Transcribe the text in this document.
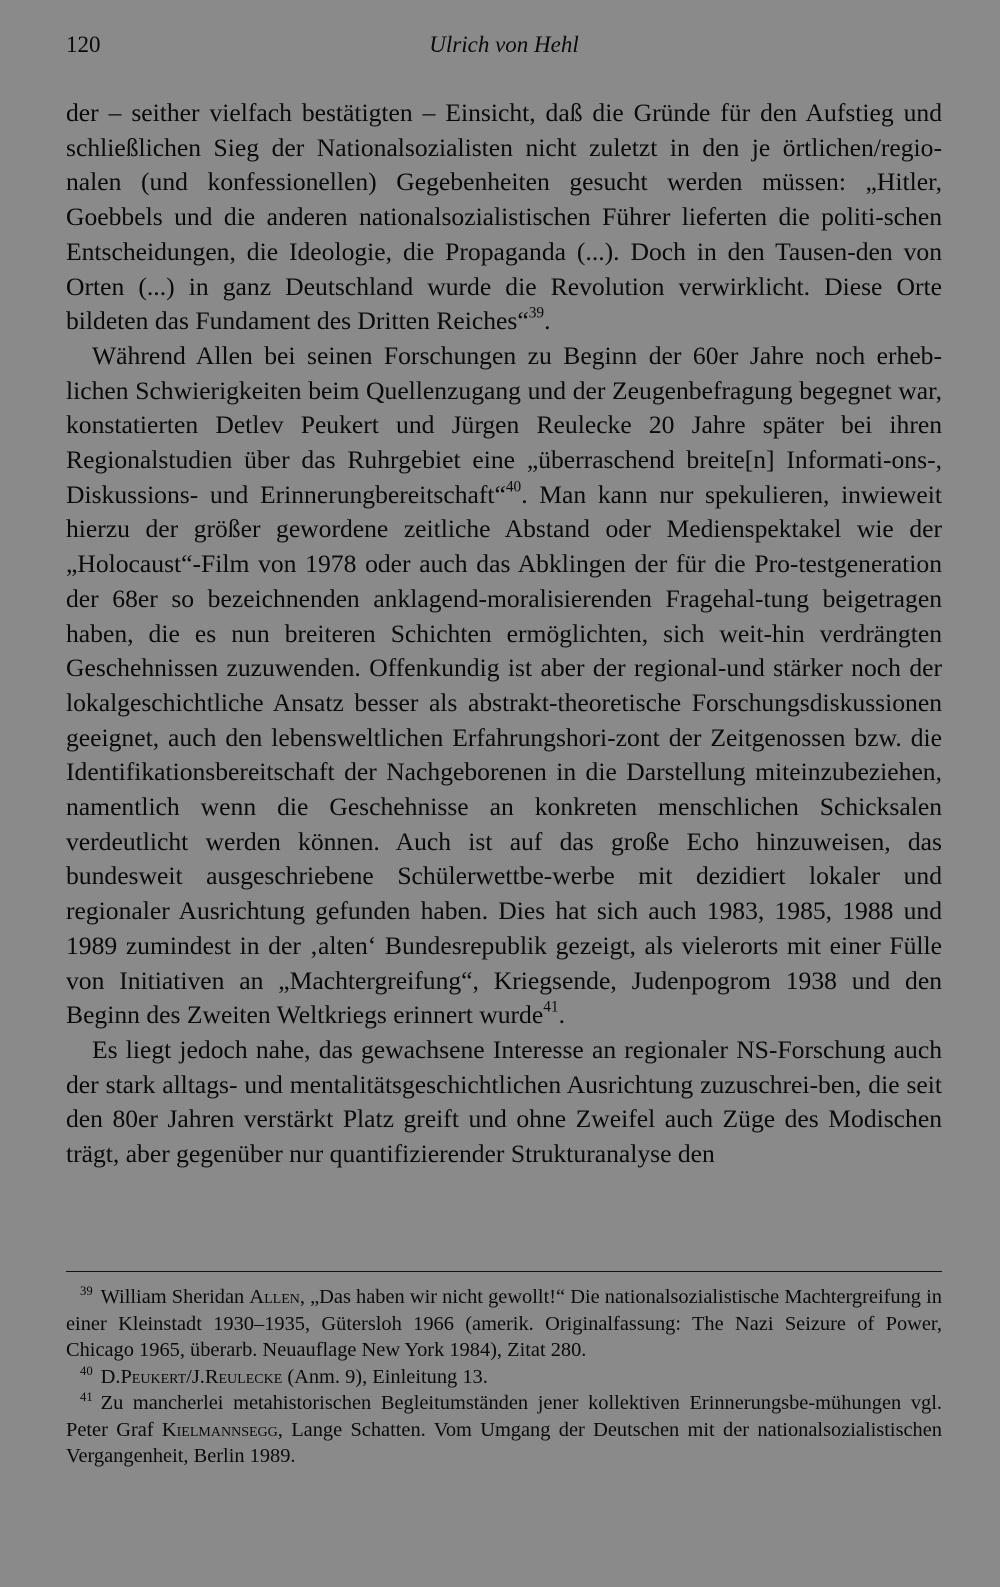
120	Ulrich von Hehl

der – seither vielfach bestätigten – Einsicht, daß die Gründe für den Aufstieg und schließlichen Sieg der Nationalsozialisten nicht zuletzt in den je örtlichen/regio-nalen (und konfessionellen) Gegebenheiten gesucht werden müssen: „Hitler, Goebbels und die anderen nationalsozialistischen Führer lieferten die politi-schen Entscheidungen, die Ideologie, die Propaganda (...). Doch in den Tausen-den von Orten (...) in ganz Deutschland wurde die Revolution verwirklicht. Diese Orte bildeten das Fundament des Dritten Reiches“$^{39}$.

Während Allen bei seinen Forschungen zu Beginn der 60er Jahre noch erheb-lichen Schwierigkeiten beim Quellenzugang und der Zeugenbefragung begegnet war, konstatierten Detlev Peukert und Jürgen Reulecke 20 Jahre später bei ihren Regionalstudien über das Ruhrgebiet eine „überraschend breite[n] Informati-ons-, Diskussions- und Erinnerungbereitschaft“$^{40}$. Man kann nur spekulieren, inwieweit hierzu der größer gewordene zeitliche Abstand oder Medienspektakel wie der „Holocaust“-Film von 1978 oder auch das Abklingen der für die Pro-testgeneration der 68er so bezeichnenden anklagend-moralisierenden Fragehal-tung beigetragen haben, die es nun breiteren Schichten ermöglichten, sich weit-hin verdrängten Geschehnissen zuzuwenden. Offenkundig ist aber der regional-und stärker noch der lokalgeschichtliche Ansatz besser als abstrakt-theoretische Forschungsdiskussionen geeignet, auch den lebensweltlichen Erfahrungshori-zont der Zeitgenossen bzw. die Identifikationsbereitschaft der Nachgeborenen in die Darstellung miteinzubeziehen, namentlich wenn die Geschehnisse an konkreten menschlichen Schicksalen verdeutlicht werden können. Auch ist auf das große Echo hinzuweisen, das bundesweit ausgeschriebene Schülerwettbe-werbe mit dezidiert lokaler und regionaler Ausrichtung gefunden haben. Dies hat sich auch 1983, 1985, 1988 und 1989 zumindest in der ‚alten‘ Bundesrepublik gezeigt, als vielerorts mit einer Fülle von Initiativen an „Machtergreifung“, Kriegsende, Judenpogrom 1938 und den Beginn des Zweiten Weltkriegs erinnert wurde$^{41}$.

Es liegt jedoch nahe, das gewachsene Interesse an regionaler NS-Forschung auch der stark alltags- und mentalitätsgeschichtlichen Ausrichtung zuzuschrei-ben, die seit den 80er Jahren verstärkt Platz greift und ohne Zweifel auch Züge des Modischen trägt, aber gegenüber nur quantifizierender Strukturanalyse den

$^{39}$ William Sheridan Allen, „Das haben wir nicht gewollt!“ Die nationalsozialistische Machtergreifung in einer Kleinstadt 1930–1935, Gütersloh 1966 (amerik. Originalfassung: The Nazi Seizure of Power, Chicago 1965, überarb. Neuauflage New York 1984), Zitat 280.

$^{40}$ D.Peukert/J.Reulecke (Anm. 9), Einleitung 13.

$^{41}$ Zu mancherlei metahistorischen Begleitumständen jener kollektiven Erinnerungsbe-mühungen vgl. Peter Graf Kielmannsegg, Lange Schatten. Vom Umgang der Deutschen mit der nationalsozialistischen Vergangenheit, Berlin 1989.
